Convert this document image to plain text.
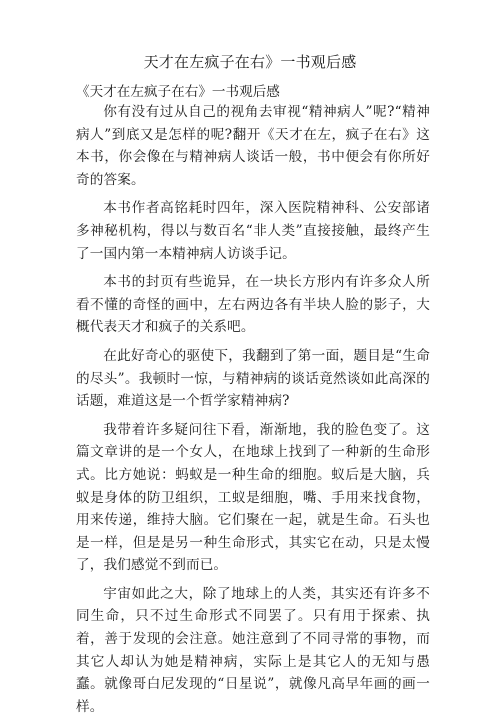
天才在左疯子在右》一书观后感
《天才在左疯子在右》一书观后感

你有没有过从自己的视角去审视“精神病人”呢?“精神病人”到底又是怎样的呢?翻开《天才在左，疯子在右》这本书，你会像在与精神病人谈话一般，书中便会有你所好奇的答案。

本书作者高铭耗时四年，深入医院精神科、公安部诸多神秘机构，得以与数百名“非人类”直接接触，最终产生了一国内第一本精神病人访谈手记。

本书的封页有些诡异，在一块长方形内有许多众人所看不懂的奇怪的画中，左右两边各有半块人脸的影子，大概代表天才和疯子的关系吧。

在此好奇心的驱使下，我翻到了第一面，题目是“生命的尽头”。我顿时一惊，与精神病的谈话竟然谈如此高深的话题，难道这是一个哲学家精神病?

我带着许多疑问往下看，渐渐地，我的脸色变了。这篇文章讲的是一个女人，在地球上找到了一种新的生命形式。比方她说：蚂蚁是一种生命的细胞。蚁后是大脑，兵蚁是身体的防卫组织，工蚁是细胞，嘴、手用来找食物，用来传递，维持大脑。它们聚在一起，就是生命。石头也是一样，但是是另一种生命形式，其实它在动，只是太慢了，我们感觉不到而已。

宇宙如此之大，除了地球上的人类，其实还有许多不同生命，只不过生命形式不同罢了。只有用于探索、执着，善于发现的会注意。她注意到了不同寻常的事物，而其它人却认为她是精神病，实际上是其它人的无知与愚蠢。就像哥白尼发现的“日星说”，就像凡高早年画的画一样。
